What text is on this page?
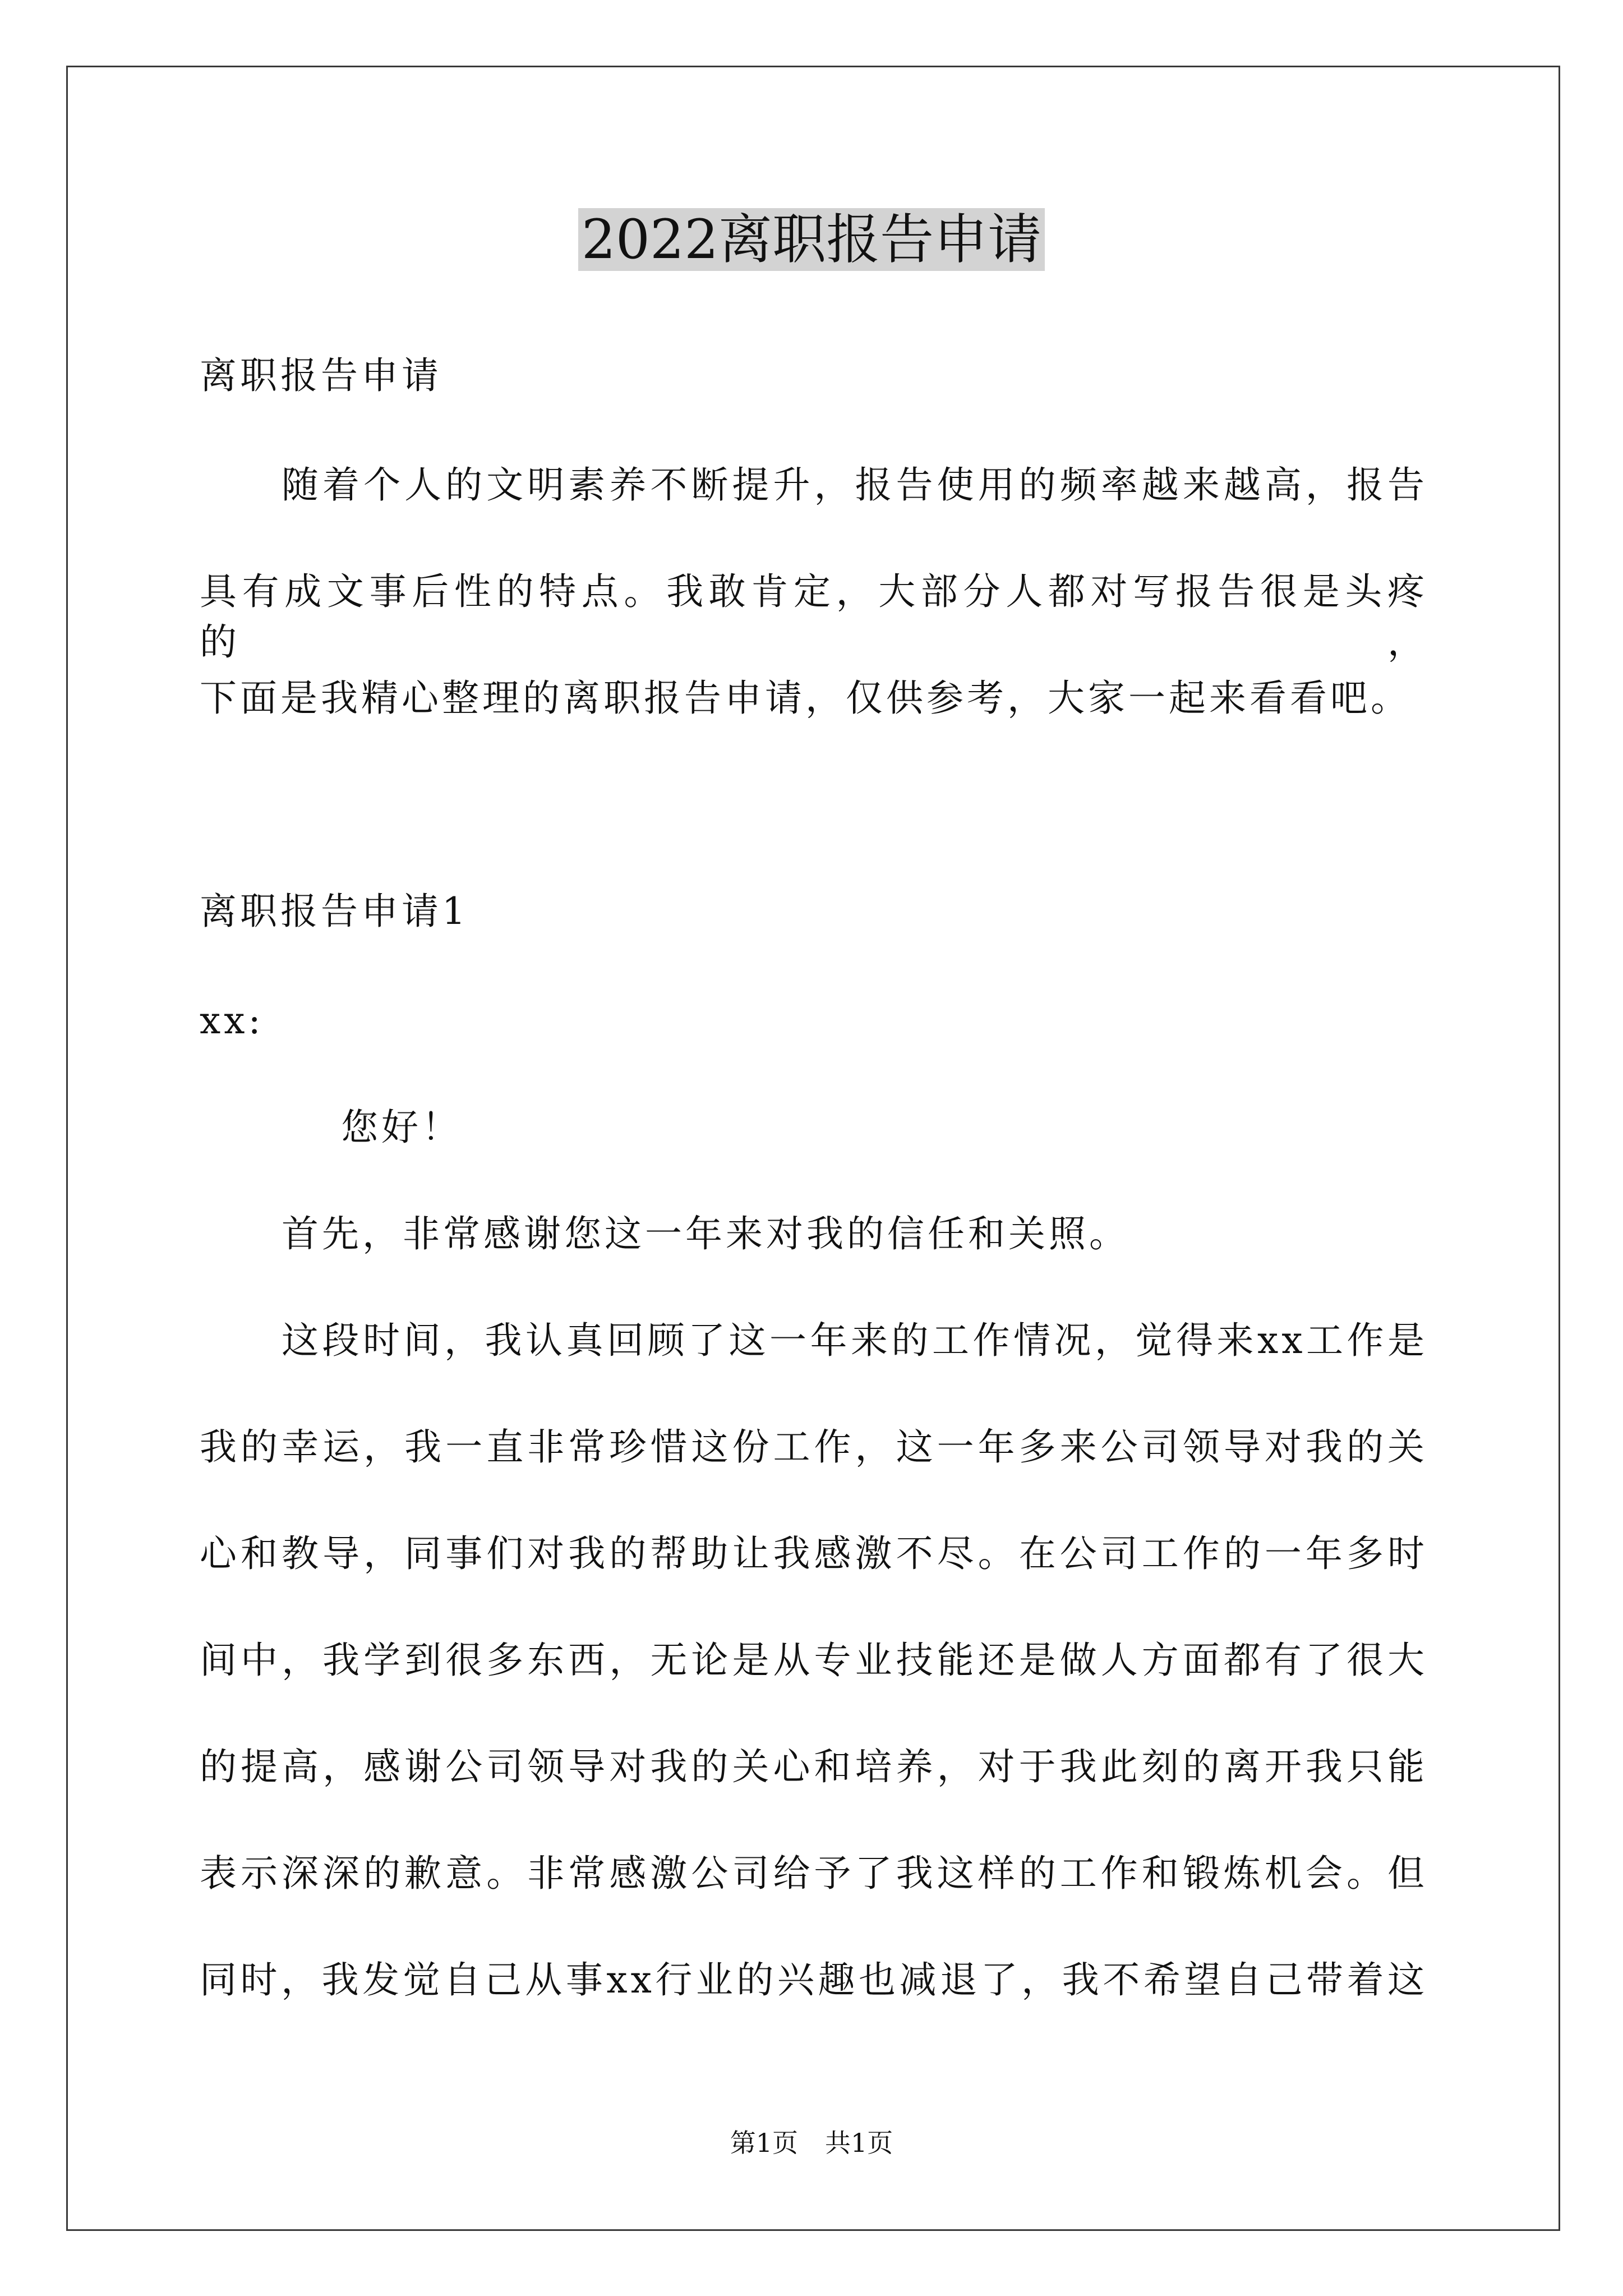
2022离职报告申请
离职报告申请
随着个人的文明素养不断提升，报告使用的频率越来越高，报告
具有成文事后性的特点。我敢肯定，大部分人都对写报告很是头疼的，
下面是我精心整理的离职报告申请，仅供参考，大家一起来看看吧。
离职报告申请1
xx:
您好！
首先，非常感谢您这一年来对我的信任和关照。
这段时间，我认真回顾了这一年来的工作情况，觉得来xx工作是
我的幸运，我一直非常珍惜这份工作，这一年多来公司领导对我的关
心和教导，同事们对我的帮助让我感激不尽。在公司工作的一年多时
间中，我学到很多东西，无论是从专业技能还是做人方面都有了很大
的提高，感谢公司领导对我的关心和培养，对于我此刻的离开我只能
表示深深的歉意。非常感激公司给予了我这样的工作和锻炼机会。但
同时，我发觉自己从事xx行业的兴趣也减退了，我不希望自己带着这
第1页 共1页
